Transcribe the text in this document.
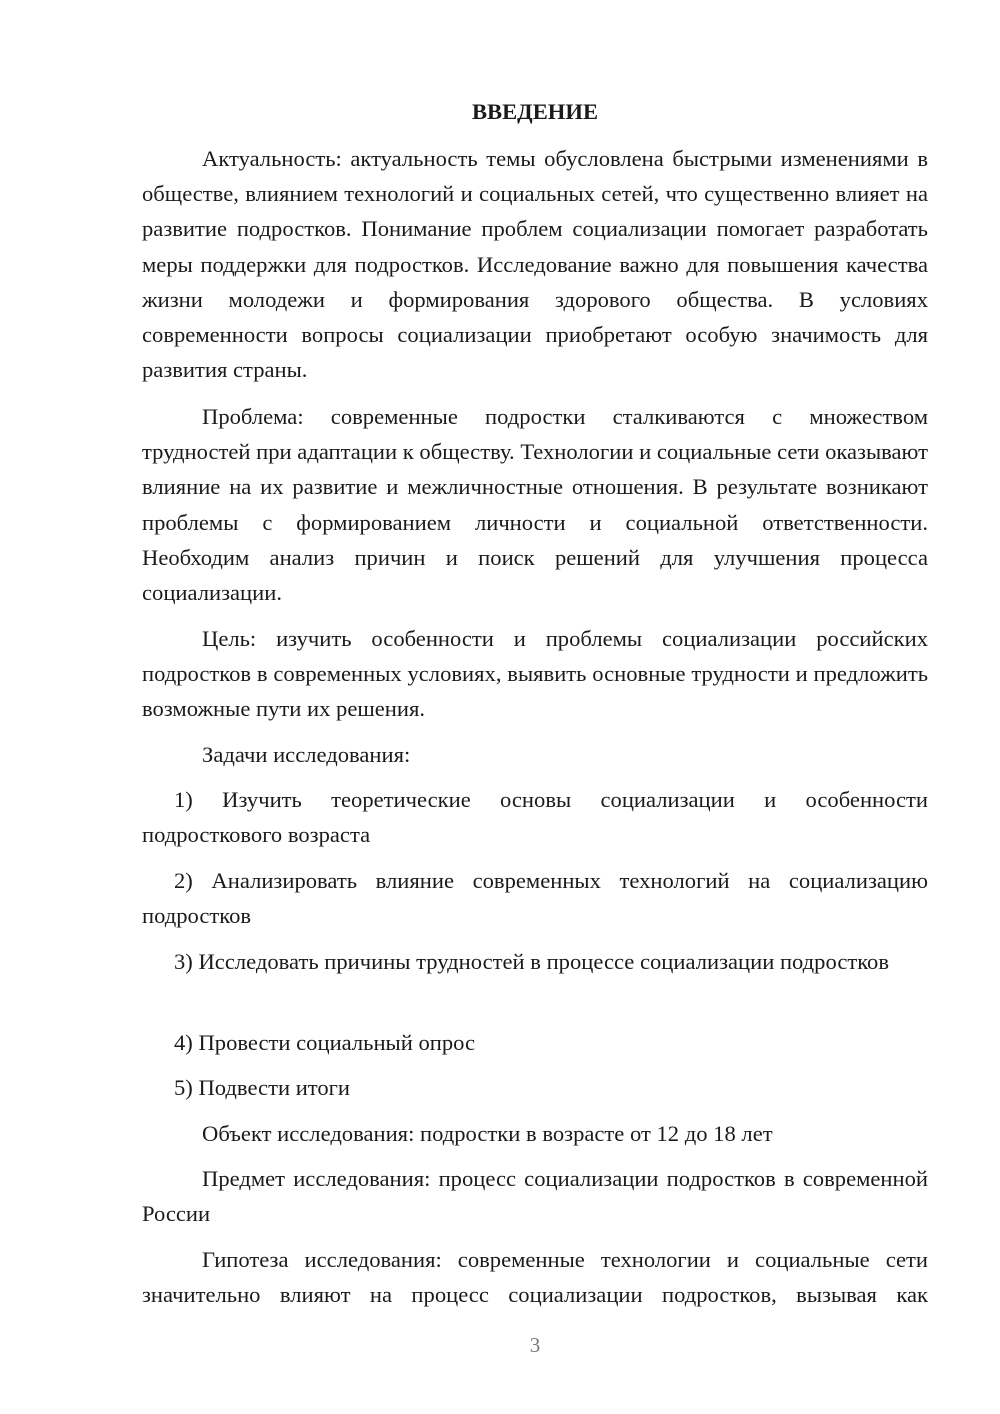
ВВЕДЕНИЕ

Актуальность: актуальность темы обусловлена быстрыми изменениями в обществе, влиянием технологий и социальных сетей, что существенно влияет на развитие подростков. Понимание проблем социализации помогает разработать меры поддержки для подростков. Исследование важно для повышения качества жизни молодежи и формирования здорового общества. В условиях современности вопросы социализации приобретают особую значимость для развития страны.

Проблема: современные подростки сталкиваются с множеством трудностей при адаптации к обществу. Технологии и социальные сети оказывают влияние на их развитие и межличностные отношения. В результате возникают проблемы с формированием личности и социальной ответственности. Необходим анализ причин и поиск решений для улучшения процесса социализации.

Цель: изучить особенности и проблемы социализации российских подростков в современных условиях, выявить основные трудности и предложить возможные пути их решения.

Задачи исследования:

1) Изучить теоретические основы социализации и особенности подросткового возраста

2) Анализировать влияние современных технологий на социализацию подростков

3) Исследовать причины трудностей в процессе социализации подростков

4) Провести социальный опрос

5) Подвести итоги

Объект исследования: подростки в возрасте от 12 до 18 лет

Предмет исследования: процесс социализации подростков в современной России

Гипотеза исследования: современные технологии и социальные сети значительно влияют на процесс социализации подростков, вызывая как

3
